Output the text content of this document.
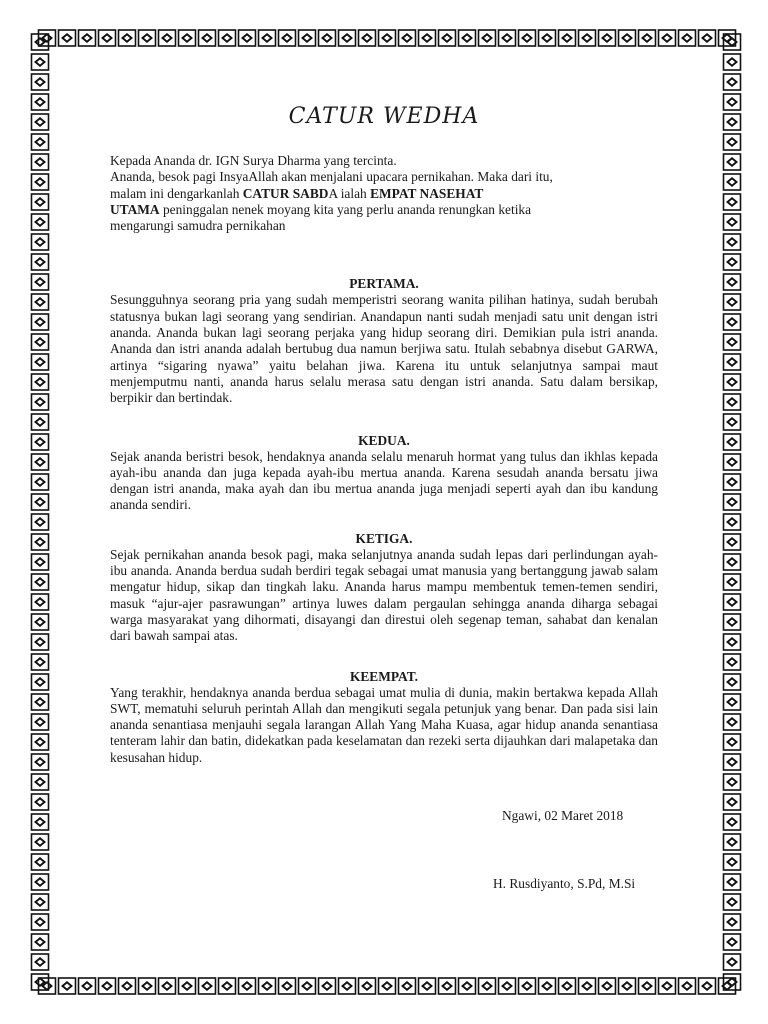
CATUR WEDHA

Kepada Ananda dr. IGN Surya Dharma yang tercinta.

Ananda, besok pagi InsyaAllah akan menjalani upacara pernikahan. Maka dari itu,

malam ini dengarkanlah CATUR SABDA ialah EMPAT NASEHAT

UTAMA peninggalan nenek moyang kita yang perlu ananda renungkan ketika

mengarungi samudra pernikahan

PERTAMA.

Sesungguhnya seorang pria yang sudah memperistri seorang wanita pilihan hatinya, sudah berubah statusnya bukan lagi seorang yang sendirian. Anandapun nanti sudah menjadi satu unit dengan istri ananda. Ananda bukan lagi seorang perjaka yang hidup seorang diri. Demikian pula istri ananda. Ananda dan istri ananda adalah bertubug dua namun berjiwa satu. Itulah sebabnya disebut GARWA, artinya “sigaring nyawa” yaitu belahan jiwa. Karena itu untuk selanjutnya sampai maut menjemputmu nanti, ananda harus selalu merasa satu dengan istri ananda. Satu dalam bersikap, berpikir dan bertindak.

KEDUA.

Sejak ananda beristri besok, hendaknya ananda selalu menaruh hormat yang tulus dan ikhlas kepada ayah-ibu ananda dan juga kepada ayah-ibu mertua ananda. Karena sesudah ananda bersatu jiwa dengan istri ananda, maka ayah dan ibu mertua ananda juga menjadi seperti ayah dan ibu kandung ananda sendiri.

KETIGA.

Sejak pernikahan ananda besok pagi, maka selanjutnya ananda sudah lepas dari perlindungan ayah-ibu ananda. Ananda berdua sudah berdiri tegak sebagai umat manusia yang bertanggung jawab salam mengatur hidup, sikap dan tingkah laku. Ananda harus mampu membentuk temen-temen sendiri, masuk “ajur-ajer pasrawungan” artinya luwes dalam pergaulan sehingga ananda diharga sebagai warga masyarakat yang dihormati, disayangi dan direstui oleh segenap teman, sahabat dan kenalan dari bawah sampai atas.

KEEMPAT.

Yang terakhir, hendaknya ananda berdua sebagai umat mulia di dunia, makin bertakwa kepada Allah SWT, mematuhi seluruh perintah Allah dan mengikuti segala petunjuk yang benar. Dan pada sisi lain ananda senantiasa menjauhi segala larangan Allah Yang Maha Kuasa, agar hidup ananda senantiasa tenteram lahir dan batin, didekatkan pada keselamatan dan rezeki serta dijauhkan dari malapetaka dan kesusahan hidup.

Ngawi, 02 Maret 2018
H. Rusdiyanto, S.Pd, M.Si
